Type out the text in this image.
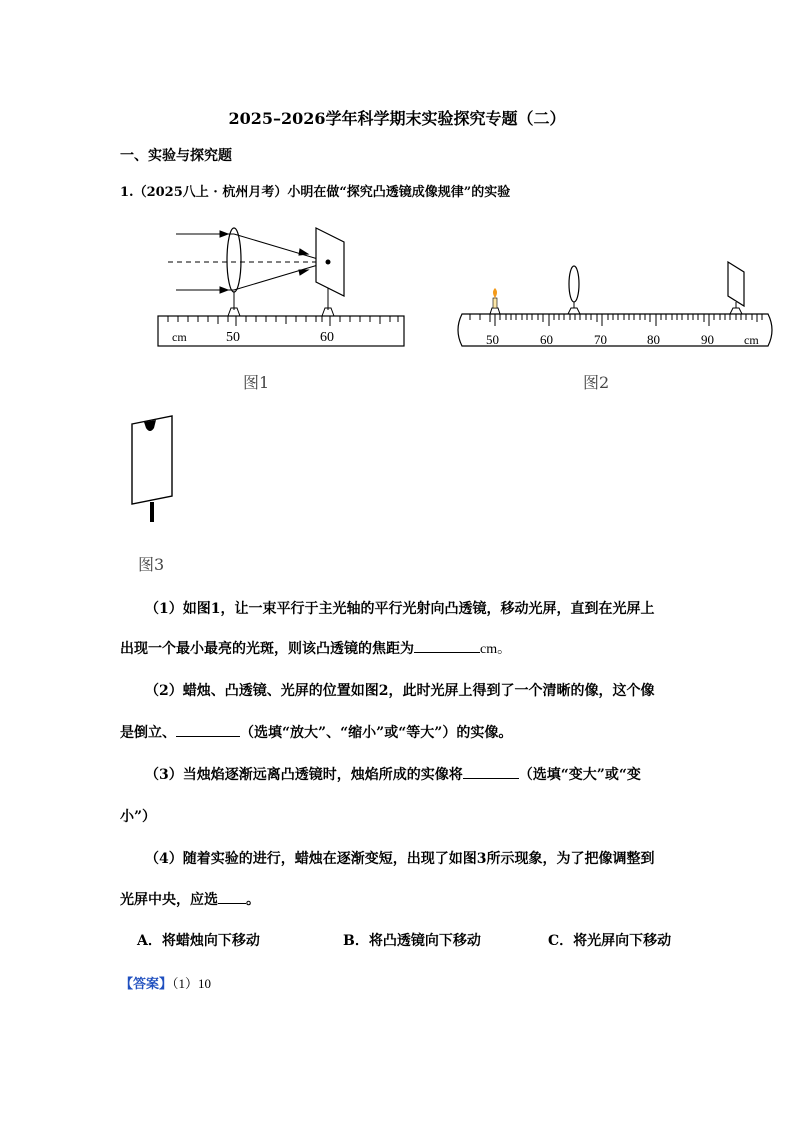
2025–2026学年科学期末实验探究专题（二）
一、实验与探究题
1.（2025八上 · 杭州月考）小明在做“探究凸透镜成像规律”的实验
cm	50	60
图1
50	60	70	80	90	cm
图2
图3
（1）如图1，让一束平行于主光轴的平行光射向凸透镜，移动光屏，直到在光屏上
出现一个最小最亮的光斑，则该凸透镜的焦距为	cm。
（2）蜡烛、凸透镜、光屏的位置如图2，此时光屏上得到了一个清晰的像，这个像
是倒立、	（选填“放大”、“缩小”或“等大”）的实像。
（3）当烛焰逐渐远离凸透镜时，烛焰所成的实像将	（选填“变大”或“变
小”）
（4）随着实验的进行，蜡烛在逐渐变短，出现了如图3所示现象，为了把像调整到
光屏中央，应选 。
A．将蜡烛向下移动	B．将凸透镜向下移动	C．将光屏向下移动
【答案】（1）10
